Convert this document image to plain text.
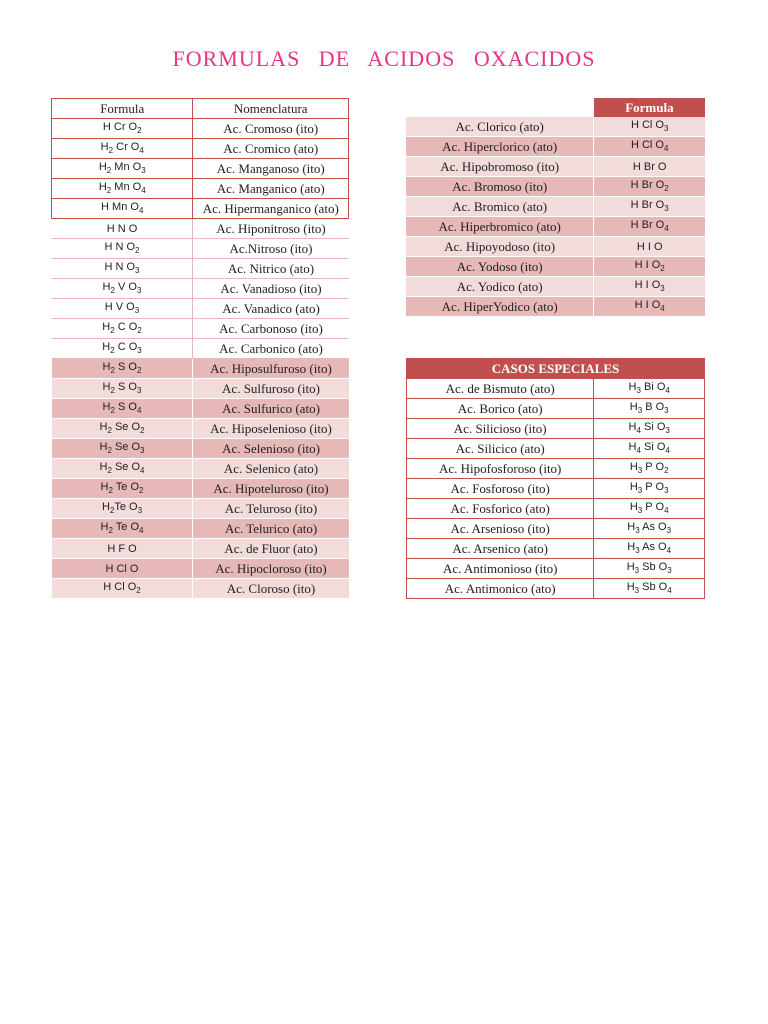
FORMULAS DE ACIDOS OXACIDOS
Formula	Nomenclatura
H Cr $O_2$	Ac. Cromoso (ito)
$H_2$ Cr $O_4$	Ac. Cromico (ato)
$H_2$ Mn $O_3$	Ac. Manganoso (ito)
$H_2$ Mn $O_4$	Ac. Manganico (ato)
H Mn $O_4$	Ac. Hipermanganico (ato)
H N O	Ac. Hiponitroso (ito)
H N $O_2$	Ac.Nitroso (ito)
H N $O_3$	Ac. Nitrico (ato)
$H_2$ V $O_3$	Ac. Vanadioso (ito)
H V $O_3$	Ac. Vanadico (ato)
$H_2$ C $O_2$	Ac. Carbonoso (ito)
$H_2$ C $O_3$	Ac. Carbonico (ato)
$H_2$ S $O_2$	Ac. Hiposulfuroso (ito)
$H_2$ S $O_3$	Ac. Sulfuroso (ito)
$H_2$ S $O_4$	Ac. Sulfurico (ato)
$H_2$ Se $O_2$	Ac. Hiposelenioso (ito)
$H_2$ Se $O_3$	Ac. Selenioso (ito)
$H_2$ Se $O_4$	Ac. Selenico (ato)
$H_2$ Te $O_2$	Ac. Hipoteluroso (ito)
$H_2Te$ $O_3$	Ac. Teluroso (ito)
$H_2$ Te $O_4$	Ac. Telurico (ato)
H F O	Ac. de Fluor (ato)
H Cl O	Ac. Hipocloroso (ito)
H Cl $O_2$	Ac. Cloroso (ito)
	Formula
Ac. Clorico (ato)	H Cl $O_3$
Ac. Hiperclorico (ato)	H Cl $O_4$
Ac. Hipobromoso (ito)	H Br O
Ac. Bromoso (ito)	H Br $O_2$
Ac. Bromico (ato)	H Br $O_3$
Ac. Hiperbromico (ato)	H Br $O_4$
Ac. Hipoyodoso (ito)	H I O
Ac. Yodoso (ito)	H I $O_2$
Ac. Yodico (ato)	H I $O_3$
Ac. HiperYodico (ato)	H I $O_4$
CASOS ESPECIALES	
Ac. de Bismuto (ato)	$H_3$ Bi $O_4$
Ac. Borico (ato)	$H_3$ B $O_3$
Ac. Silicioso (ito)	$H_4$ Si $O_3$
Ac. Silicico (ato)	$H_4$ Si $O_4$
Ac. Hipofosforoso (ito)	$H_3$ P $O_2$
Ac. Fosforoso (ito)	$H_3$ P $O_3$
Ac. Fosforico (ato)	$H_3$ P $O_4$
Ac. Arsenioso (ito)	$H_3$ As $O_3$
Ac. Arsenico (ato)	$H_3$ As $O_4$
Ac. Antimonioso (ito)	$H_3$ Sb $O_3$
Ac. Antimonico (ato)	$H_3$ Sb $O_4$
